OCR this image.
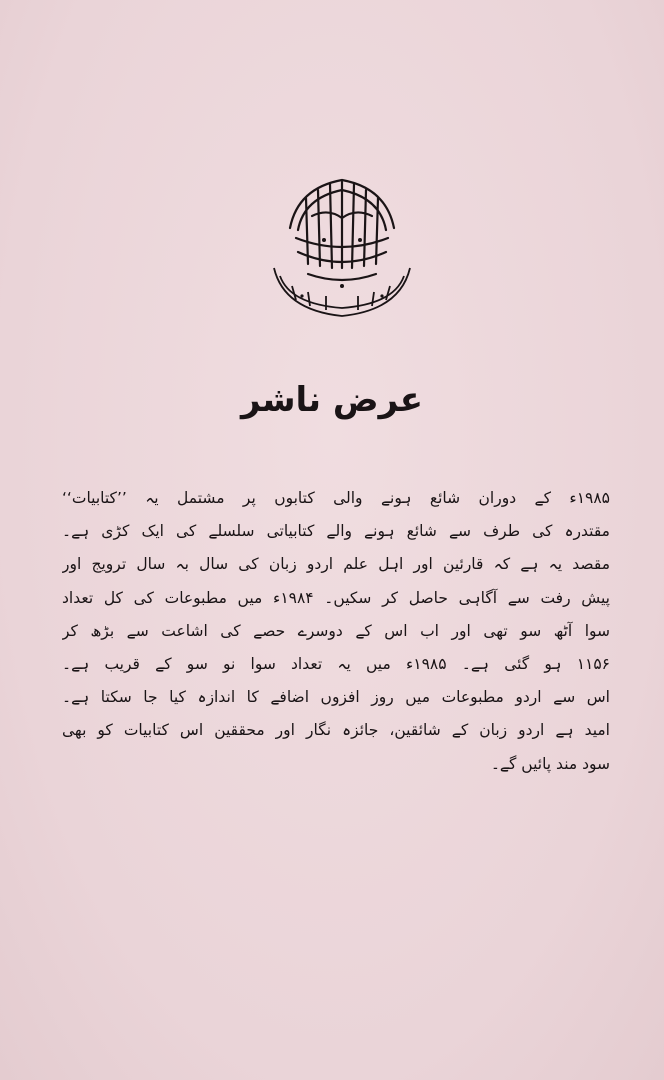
عرض ناشر
۱۹۸۵ء کے دوران شائع ہونے والی کتابوں پر مشتمل یہ ’’کتابیات‘‘
مقتدرہ کی طرف سے شائع ہونے والے کتابیاتی سلسلے کی ایک کڑی ہے۔
مقصد یہ ہے کہ قارئین اور اہل علم اردو زبان کی سال بہ سال ترویج اور
پیش رفت سے آگاہی حاصل کر سکیں۔ ۱۹۸۴ء میں مطبوعات کی کل تعداد
سوا آٹھ سو تھی اور اب اس کے دوسرے حصے کی اشاعت سے بڑھ کر
۱۱۵۶ ہو گئی ہے۔ ۱۹۸۵ء میں یہ تعداد سوا نو سو کے قریب ہے۔
اس سے اردو مطبوعات میں روز افزوں اضافے کا اندازہ کیا جا سکتا ہے۔
امید ہے اردو زبان کے شائقین، جائزہ نگار اور محققین اس کتابیات کو بھی
سود مند پائیں گے۔
